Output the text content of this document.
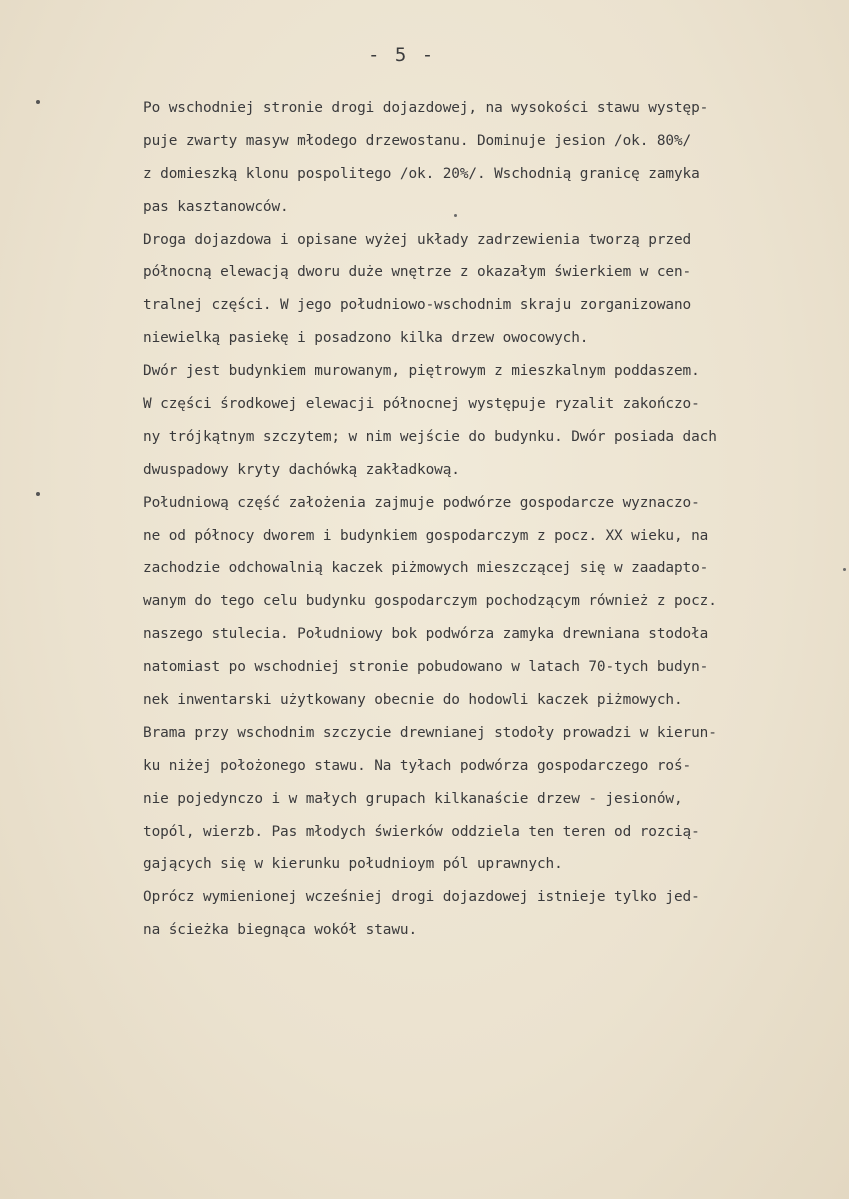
- 5 -
Po wschodniej stronie drogi dojazdowej, na wysokości stawu występ-
puje zwarty masyw młodego drzewostanu. Dominuje jesion /ok. 80%/
z domieszką klonu pospolitego /ok. 20%/. Wschodnią granicę zamyka
pas kasztanowców.
Droga dojazdowa i opisane wyżej układy zadrzewienia tworzą przed
północną elewacją dworu duże wnętrze z okazałym świerkiem w cen-
tralnej części. W jego południowo-wschodnim skraju zorganizowano
niewielką pasiekę i posadzono kilka drzew owocowych.
Dwór jest budynkiem murowanym, piętrowym z mieszkalnym poddaszem.
W części środkowej elewacji północnej występuje ryzalit zakończo-
ny trójkątnym szczytem; w nim wejście do budynku. Dwór posiada dach
dwuspadowy kryty dachówką zakładkową.
Południową część założenia zajmuje podwórze gospodarcze wyznaczo-
ne od północy dworem i budynkiem gospodarczym z pocz. XX wieku, na
zachodzie odchowalnią kaczek piżmowych mieszczącej się w zaadapto-
wanym do tego celu budynku gospodarczym pochodzącym również z pocz.
naszego stulecia. Południowy bok podwórza zamyka drewniana stodoła
natomiast po wschodniej stronie pobudowano w latach 70-tych budyn-
nek inwentarski użytkowany obecnie do hodowli kaczek piżmowych.
Brama przy wschodnim szczycie drewnianej stodoły prowadzi w kierun-
ku niżej położonego stawu. Na tyłach podwórza gospodarczego roś-
nie pojedynczo i w małych grupach kilkanaście drzew - jesionów,
topól, wierzb. Pas młodych świerków oddziela ten teren od rozcią-
gających się w kierunku południoym pól uprawnych.
Oprócz wymienionej wcześniej drogi dojazdowej istnieje tylko jed-
na ścieżka biegnąca wokół stawu.
